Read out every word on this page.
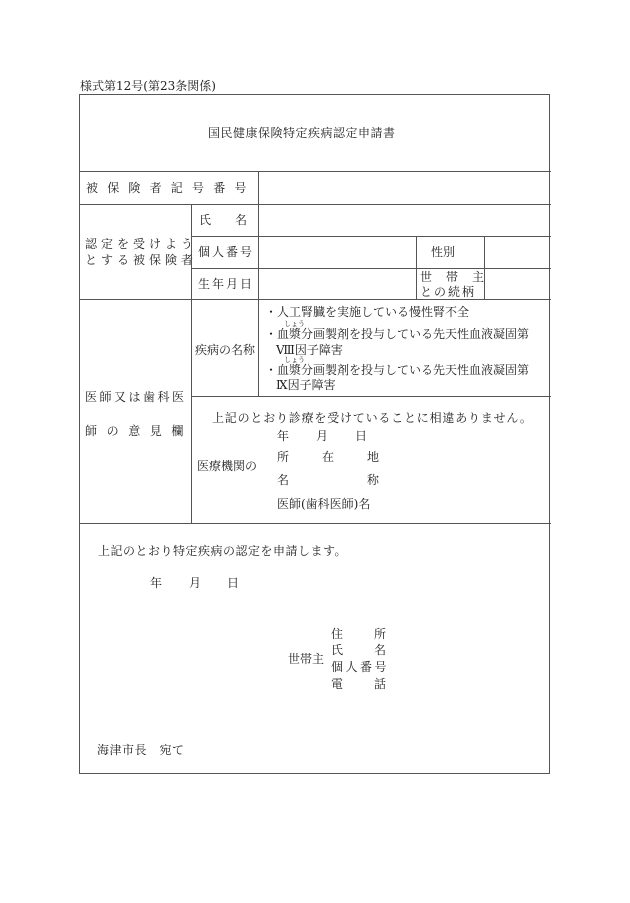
様式第12号(第23条関係)
国民健康保険特定疾病認定申請書
被保険者記号番号
認定を受けよう
とする被保険者
氏　　名
個人番号	性別
生年月日	世　帯　主
との続柄
医師又は歯科医
師　の　意　見　欄
疾病の名称
・人工腎臓を実施している慢性腎不全
しょう
・血漿分画製剤を投与している先天性血液凝固第
Ⅷ因子障害
しょう
・血漿分画製剤を投与している先天性血液凝固第
Ⅸ因子障害
上記のとおり診療を受けていることに相違ありません。
年 月 日
医療機関の
所	在	地
名	称
医師(歯科医師)名
上記のとおり特定疾病の認定を申請します。
年 月 日
世帯主
住	所
氏	名
個人番号
電	話
海津市長　宛て
